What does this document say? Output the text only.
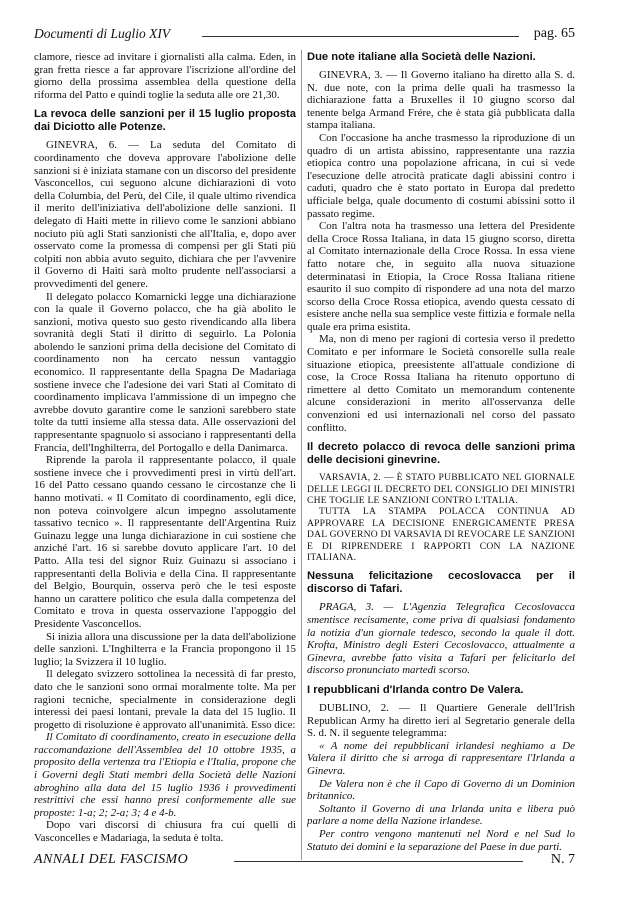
Documenti di Luglio XIV	pag. 65

clamore, riesce ad invitare i giornalisti alla calma. Eden, in gran fretta riesce a far approvare l'iscrizione all'ordine del giorno della prossima assemblea della questione della riforma del Patto e quindi toglie la seduta alle ore 21,30.

La revoca delle sanzioni per il 15 luglio proposta dai Diciotto alle Potenze.

GINEVRA, 6. — La seduta del Comitato di coordinamento che doveva approvare l'abolizione delle sanzioni si è iniziata stamane con un discorso del presidente Vasconcellos, cui seguono alcune dichiarazioni di voto della Columbia, del Perù, del Cile, il quale ultimo rivendica il merito dell'iniziativa dell'abolizione delle sanzioni. Il delegato di Haiti mette in rilievo come le sanzioni abbiano nociuto più agli Stati sanzionisti che all'Italia, e, dopo aver osservato come la promessa di compensi per gli Stati più colpiti non abbia avuto seguito, dichiara che per l'avvenire il Governo di Haiti sarà molto prudente nell'associarsi a provvedimenti del genere.

Il delegato polacco Komarnicki legge una dichiarazione con la quale il Governo polacco, che ha già abolito le sanzioni, motiva questo suo gesto rivendicando alla libera sovranità degli Stati il diritto di seguirlo. La Polonia abolendo le sanzioni prima della decisione del Comitato di coordinamento non ha cercato nessun vantaggio economico. Il rappresentante della Spagna De Madariaga sostiene invece che l'adesione dei vari Stati al Comitato di coordinamento implicava l'ammissione di un impegno che avrebbe dovuto garantire come le sanzioni sarebbero state tolte da tutti insieme alla stessa data. Alle osservazioni del rappresentante spagnuolo si associano i rappresentanti della Francia, dell'Inghilterra, del Portogallo e della Danimarca.

Riprende la parola il rappresentante polacco, il quale sostiene invece che i provvedimenti presi in virtù dell'art. 16 del Patto cessano quando cessano le circostanze che li hanno motivati. « Il Comitato di coordinamento, egli dice, non poteva coinvolgere alcun impegno assolutamente tassativo tecnico ». Il rappresentante dell'Argentina Ruiz Guinazu legge una lunga dichiarazione in cui sostiene che anziché l'art. 16 si sarebbe dovuto applicare l'art. 10 del Patto. Alla tesi del signor Ruiz Guinazu si associano i rappresentanti della Bolivia e della Cina. Il rappresentante del Belgio, Bourquin, osserva però che le tesi esposte hanno un carattere politico che esula dalla competenza del Comitato e trova in questa osservazione l'appoggio del Presidente Vasconcellos.

Si inizia allora una discussione per la data dell'abolizione delle sanzioni. L'Inghilterra e la Francia propongono il 15 luglio; la Svizzera il 10 luglio.

Il delegato svizzero sottolinea la necessità di far presto, dato che le sanzioni sono ormai moralmente tolte. Ma per ragioni tecniche, specialmente in considerazione degli interessi dei paesi lontani, prevale la data del 15 luglio. Il progetto di risoluzione è approvato all'unanimità. Esso dice:

Il Comitato di coordinamento, creato in esecuzione della raccomandazione dell'Assemblea del 10 ottobre 1935, a proposito della vertenza tra l'Etiopia e l'Italia, propone che i Governi degli Stati membri della Società delle Nazioni abroghino alla data del 15 luglio 1936 i provvedimenti restrittivi che essi hanno presi conformemente alle sue proposte: 1-a; 2; 2-a; 3; 4 e 4-b.

Dopo vari discorsi di chiusura fra cui quelli di Vasconcelles e Madariaga, la seduta è tolta.

Due note italiane alla Società delle Nazioni.

GINEVRA, 3. — Il Governo italiano ha diretto alla S. d. N. due note, con la prima delle quali ha trasmesso la dichiarazione fatta a Bruxelles il 10 giugno scorso dal tenente belga Armand Frére, che è stata già pubblicata dalla stampa italiana.

Con l'occasione ha anche trasmesso la riproduzione di un quadro di un artista abissino, rappresentante una razzia etiopica contro una popolazione africana, in cui si vede l'esecuzione delle atrocità praticate dagli abissini contro i caduti, quadro che è stato portato in Europa dal predetto ufficiale belga, quale documento di costumi abissini sotto il passato regime.

Con l'altra nota ha trasmesso una lettera del Presidente della Croce Rossa Italiana, in data 15 giugno scorso, diretta al Comitato internazionale della Croce Rossa. In essa viene fatto notare che, in seguito alla nuova situazione determinatasi in Etiopia, la Croce Rossa Italiana ritiene esaurito il suo compito di rispondere ad una nota del marzo scorso della Croce Rossa etiopica, avendo questa cessato di esistere anche nella sua semplice veste fittizia e formale nella quale era prima esistita.

Ma, non di meno per ragioni di cortesia verso il predetto Comitato e per informare le Società consorelle sulla reale situazione etiopica, preesistente all'attuale condizione di cose, la Croce Rossa Italiana ha ritenuto opportuno di rimettere al detto Comitato un memorandum contenente alcune considerazioni in merito all'osservanza delle convenzioni ed usi internazionali nel corso del passato conflitto.

Il decreto polacco di revoca delle sanzioni prima delle decisioni ginevrine.

VARSAVIA, 2. — È STATO PUBBLICATO NEL GIORNALE DELLE LEGGI IL DECRETO DEL CONSIGLIO DEI MINISTRI CHE TOGLIE LE SANZIONI CONTRO L'ITALIA.

TUTTA LA STAMPA POLACCA CONTINUA AD APPROVARE LA DECISIONE ENERGICAMENTE PRESA DAL GOVERNO DI VARSAVIA DI REVOCARE LE SANZIONI E DI RIPRENDERE I RAPPORTI CON LA NAZIONE ITALIANA.

Nessuna felicitazione cecoslovacca per il discorso di Tafari.

PRAGA, 3. — L'Agenzia Telegrafica Cecoslovacca smentisce recisamente, come priva di qualsiasi fondamento la notizia d'un giornale tedesco, secondo la quale il dott. Krofta, Ministro degli Esteri Cecoslovacco, attualmente a Ginevra, avrebbe fatto visita a Tafari per felicitarlo del discorso pronunciato martedì scorso.

I repubblicani d'Irlanda contro De Valera.

DUBLINO, 2. — Il Quartiere Generale dell'Irish Republican Army ha diretto ieri al Segretario generale della S. d. N. il seguente telegramma:

« A nome dei repubblicani irlandesi neghiamo a De Valera il diritto che si arroga di rappresentare l'Irlanda a Ginevra.

De Valera non è che il Capo di Governo di un Dominion britannico.

Soltanto il Governo di una Irlanda unita e libera può parlare a nome della Nazione irlandese.

Per contro vengono mantenuti nel Nord e nel Sud lo Statuto dei domini e la separazione del Paese in due parti.

ANNALI DEL FASCISMO	N. 7
